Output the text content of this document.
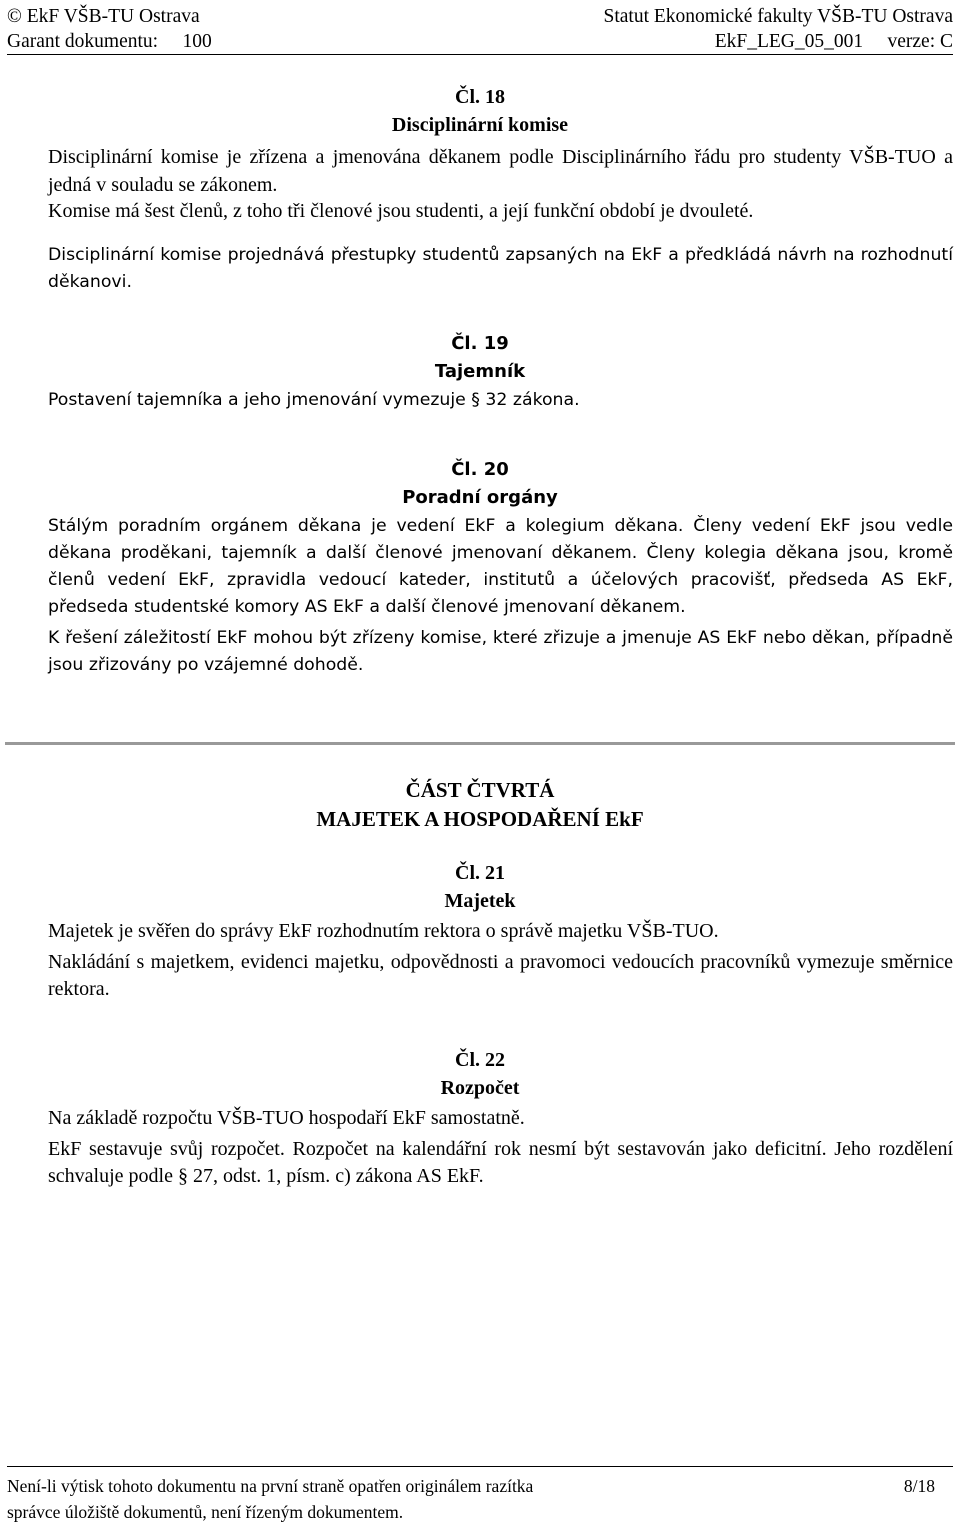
© EkF VŠB-TU Ostrava	Statut Ekonomické fakulty VŠB-TU Ostrava
Garant dokumentu:     100	EkF_LEG_05_001     verze: C
Čl. 18
Disciplinární komise
Disciplinární komise je zřízena a jmenována děkanem podle Disciplinárního řádu pro studenty VŠB-TUO a jedná v souladu se zákonem.
Komise má šest členů, z toho tři členové jsou studenti, a její funkční období je dvouleté.
Disciplinární komise projednává přestupky studentů zapsaných na EkF a předkládá návrh na rozhodnutí děkanovi.
Čl. 19
Tajemník
Postavení tajemníka a jeho jmenování vymezuje § 32 zákona.
Čl. 20
Poradní orgány
Stálým poradním orgánem děkana je vedení EkF a kolegium děkana. Členy vedení EkF jsou vedle děkana proděkani, tajemník a další členové jmenovaní děkanem. Členy kolegia děkana jsou, kromě členů vedení EkF, zpravidla vedoucí kateder, institutů a účelových pracovišť, předseda AS EkF, předseda studentské komory AS EkF a další členové jmenovaní děkanem.
K řešení záležitostí EkF mohou být zřízeny komise, které zřizuje a jmenuje AS EkF nebo děkan, případně jsou zřizovány po vzájemné dohodě.
ČÁST ČTVRTÁ
MAJETEK A HOSPODAŘENÍ EkF
Čl. 21
Majetek
Majetek je svěřen do správy EkF rozhodnutím rektora o správě majetku VŠB-TUO.
Nakládání s majetkem, evidenci majetku, odpovědnosti a pravomoci vedoucích pracovníků vymezuje směrnice rektora.
Čl. 22
Rozpočet
Na základě rozpočtu VŠB-TUO hospodaří EkF samostatně.
EkF sestavuje svůj rozpočet. Rozpočet na kalendářní rok nesmí být sestavován jako deficitní. Jeho rozdělení schvaluje podle § 27, odst. 1, písm. c) zákona AS EkF.
Není-li výtisk tohoto dokumentu na první straně opatřen originálem razítka	8/18
správce úložiště dokumentů, není řízeným dokumentem.
